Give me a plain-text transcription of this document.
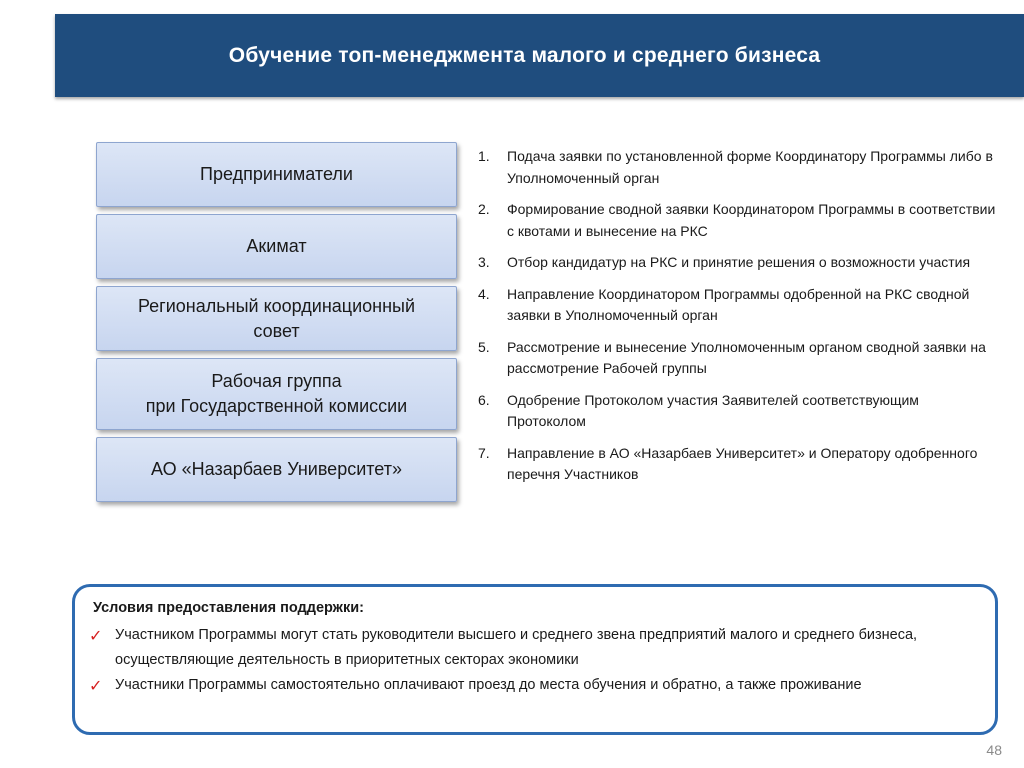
Обучение топ-менеджмента малого и среднего бизнеса
Предприниматели
Акимат
Региональный координационный
совет
Рабочая группа
при Государственной комиссии
АО «Назарбаев Университет»
1. Подача заявки по установленной форме Координатору Программы либо в Уполномоченный орган
2. Формирование сводной заявки Координатором Программы в соответствии с квотами и вынесение на РКС
3. Отбор кандидатур на РКС и принятие решения о возможности участия
4. Направление Координатором Программы одобренной на РКС сводной заявки в Уполномоченный орган
5. Рассмотрение и вынесение Уполномоченным органом сводной заявки на рассмотрение Рабочей группы
6. Одобрение Протоколом участия Заявителей соответствующим Протоколом
7. Направление в АО «Назарбаев Университет» и Оператору одобренного перечня Участников
Условия предоставления поддержки:
✓ Участником Программы могут стать руководители высшего и среднего звена предприятий малого и среднего бизнеса, осуществляющие деятельность в приоритетных секторах экономики
✓ Участники Программы самостоятельно оплачивают проезд до места обучения и обратно, а также проживание
48
